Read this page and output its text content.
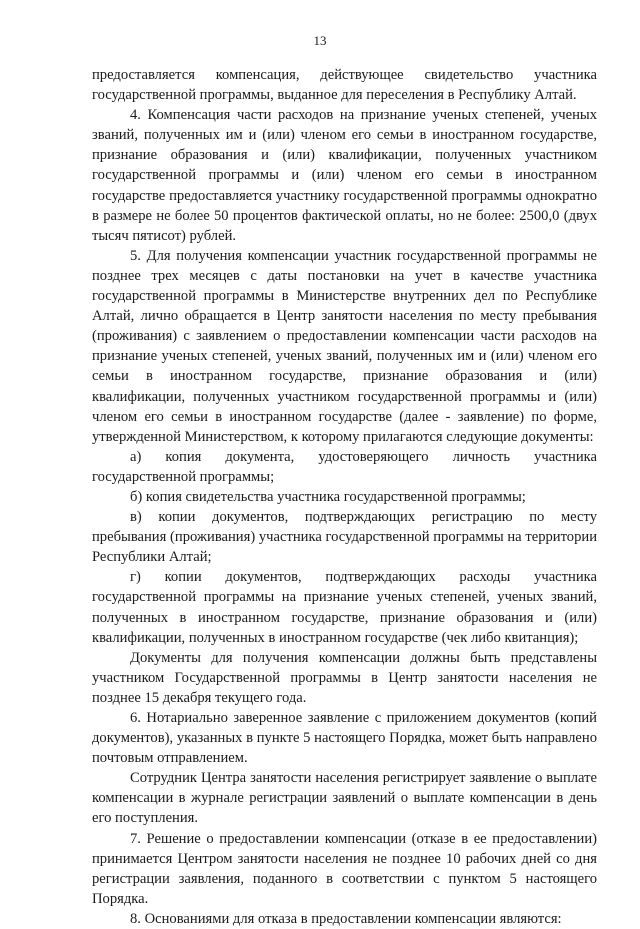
13

предоставляется компенсация, действующее свидетельство участника государственной программы, выданное для переселения в Республику Алтай.

4. Компенсация части расходов на признание ученых степеней, ученых званий, полученных им и (или) членом его семьи в иностранном государстве, признание образования и (или) квалификации, полученных участником государственной программы и (или) членом его семьи в иностранном государстве предоставляется участнику государственной программы однократно в размере не более 50 процентов фактической оплаты, но не более: 2500,0 (двух тысяч пятисот) рублей.

5. Для получения компенсации участник государственной программы не позднее трех месяцев с даты постановки на учет в качестве участника государственной программы в Министерстве внутренних дел по Республике Алтай, лично обращается в Центр занятости населения по месту пребывания (проживания) с заявлением о предоставлении компенсации части расходов на признание ученых степеней, ученых званий, полученных им и (или) членом его семьи в иностранном государстве, признание образования и (или) квалификации, полученных участником государственной программы и (или) членом его семьи в иностранном государстве (далее - заявление) по форме, утвержденной Министерством, к которому прилагаются следующие документы:

а) копия документа, удостоверяющего личность участника государственной программы;

б) копия свидетельства участника государственной программы;

в) копии документов, подтверждающих регистрацию по месту пребывания (проживания) участника государственной программы на территории Республики Алтай;

г) копии документов, подтверждающих расходы участника государственной программы на признание ученых степеней, ученых званий, полученных в иностранном государстве, признание образования и (или) квалификации, полученных в иностранном государстве (чек либо квитанция);

Документы для получения компенсации должны быть представлены участником Государственной программы в Центр занятости населения не позднее 15 декабря текущего года.

6. Нотариально заверенное заявление с приложением документов (копий документов), указанных в пункте 5 настоящего Порядка, может быть направлено почтовым отправлением.

Сотрудник Центра занятости населения регистрирует заявление о выплате компенсации в журнале регистрации заявлений о выплате компенсации в день его поступления.

7. Решение о предоставлении компенсации (отказе в ее предоставлении) принимается Центром занятости населения не позднее 10 рабочих дней со дня регистрации заявления, поданного в соответствии с пунктом 5 настоящего Порядка.

8. Основаниями для отказа в предоставлении компенсации являются:
